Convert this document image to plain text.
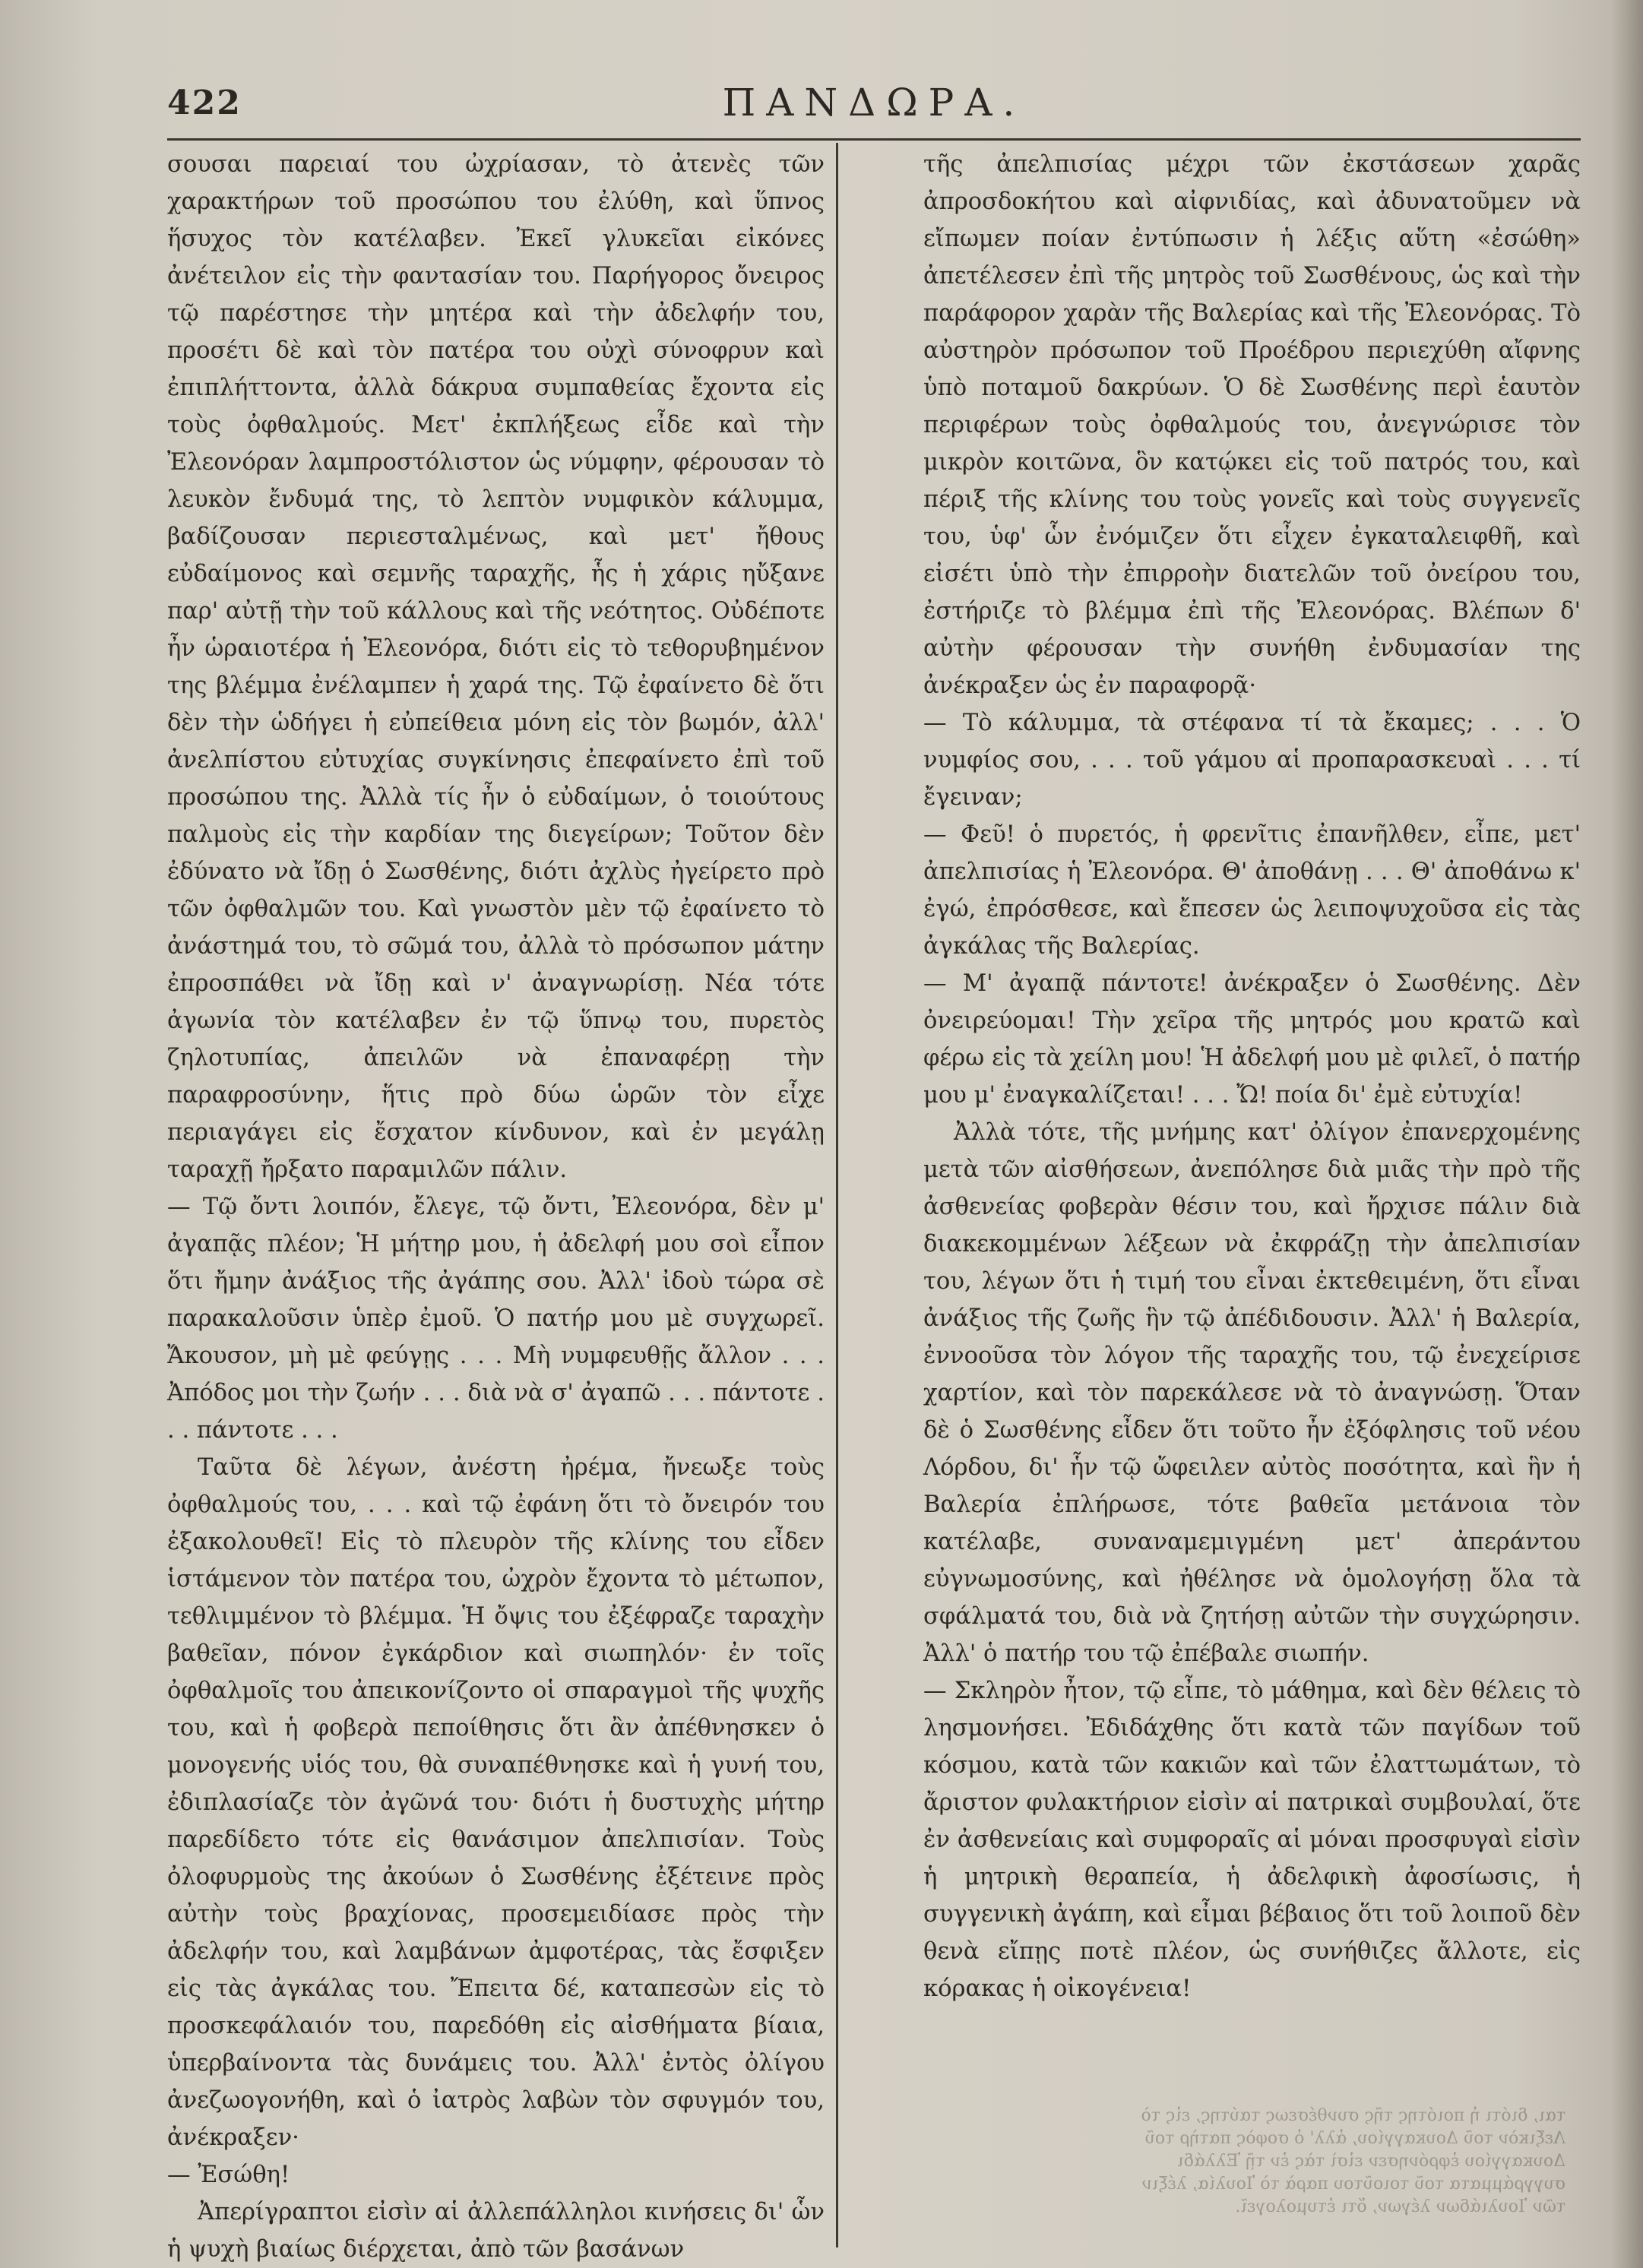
422	ΠΑΝΔΩΡΑ.

σουσαι παρειαί του ὠχρίασαν, τὸ ἀτενὲς τῶν χαρακτήρων τοῦ προσώπου του ἐλύθη, καὶ ὕπνος ἥσυχος τὸν κατέλαβεν. Ἐκεῖ γλυκεῖαι εἰκόνες ἀνέτειλον εἰς τὴν φαντασίαν του. Παρήγορος ὄνειρος τῷ παρέστησε τὴν μητέρα καὶ τὴν ἀδελφήν του, προσέτι δὲ καὶ τὸν πατέρα του οὐχὶ σύνοφρυν καὶ ἐπιπλήττοντα, ἀλλὰ δάκρυα συμπαθείας ἔχοντα εἰς τοὺς ὀφθαλμούς. Μετ' ἐκπλήξεως εἶδε καὶ τὴν Ἐλεονόραν λαμπροστόλιστον ὡς νύμφην, φέρουσαν τὸ λευκὸν ἔνδυμά της, τὸ λεπτὸν νυμφικὸν κάλυμμα, βαδίζουσαν περιεσταλμένως, καὶ μετ' ἤθους εὐδαίμονος καὶ σεμνῆς ταραχῆς, ἧς ἡ χάρις ηὔξανε παρ' αὐτῇ τὴν τοῦ κάλλους καὶ τῆς νεότητος. Οὐδέποτε ἦν ὡραιοτέρα ἡ Ἐλεονόρα, διότι εἰς τὸ τεθορυβημένον της βλέμμα ἐνέλαμπεν ἡ χαρά της. Τῷ ἐφαίνετο δὲ ὅτι δὲν τὴν ὡδήγει ἡ εὐπείθεια μόνη εἰς τὸν βωμόν, ἀλλ' ἀνελπίστου εὐτυχίας συγκίνησις ἐπεφαίνετο ἐπὶ τοῦ προσώπου της. Ἀλλὰ τίς ἦν ὁ εὐδαίμων, ὁ τοιούτους παλμοὺς εἰς τὴν καρδίαν της διεγείρων; Τοῦτον δὲν ἐδύνατο νὰ ἴδῃ ὁ Σωσθένης, διότι ἀχλὺς ἠγείρετο πρὸ τῶν ὀφθαλμῶν του. Καὶ γνωστὸν μὲν τῷ ἐφαίνετο τὸ ἀνάστημά του, τὸ σῶμά του, ἀλλὰ τὸ πρόσωπον μάτην ἐπροσπάθει νὰ ἴδῃ καὶ ν' ἀναγνωρίσῃ. Νέα τότε ἀγωνία τὸν κατέλαβεν ἐν τῷ ὕπνῳ του, πυρετὸς ζηλοτυπίας, ἀπειλῶν νὰ ἐπαναφέρῃ τὴν παραφροσύνην, ἥτις πρὸ δύω ὡρῶν τὸν εἶχε περιαγάγει εἰς ἔσχατον κίνδυνον, καὶ ἐν μεγάλῃ ταραχῇ ἤρξατο παραμιλῶν πάλιν.

— Τῷ ὄντι λοιπόν, ἔλεγε, τῷ ὄντι, Ἐλεονόρα, δὲν μ' ἀγαπᾷς πλέον; Ἡ μήτηρ μου, ἡ ἀδελφή μου σοὶ εἶπον ὅτι ἤμην ἀνάξιος τῆς ἀγάπης σου. Ἀλλ' ἰδοὺ τώρα σὲ παρακαλοῦσιν ὑπὲρ ἐμοῦ. Ὁ πατήρ μου μὲ συγχωρεῖ. Ἄκουσον, μὴ μὲ φεύγῃς . . . Μὴ νυμφευθῇς ἄλλον . . . Ἀπόδος μοι τὴν ζωήν . . . διὰ νὰ σ' ἀγαπῶ . . . πάντοτε . . . πάντοτε . . .

Ταῦτα δὲ λέγων, ἀνέστη ἠρέμα, ἤνεωξε τοὺς ὀφθαλμούς του, . . . καὶ τῷ ἐφάνη ὅτι τὸ ὄνειρόν του ἐξακολουθεῖ! Εἰς τὸ πλευρὸν τῆς κλίνης του εἶδεν ἱστάμενον τὸν πατέρα του, ὠχρὸν ἔχοντα τὸ μέτωπον, τεθλιμμένον τὸ βλέμμα. Ἡ ὄψις του ἐξέφραζε ταραχὴν βαθεῖαν, πόνον ἐγκάρδιον καὶ σιωπηλόν· ἐν τοῖς ὀφθαλμοῖς του ἀπεικονίζοντο οἱ σπαραγμοὶ τῆς ψυχῆς του, καὶ ἡ φοβερὰ πεποίθησις ὅτι ἂν ἀπέθνησκεν ὁ μονογενής υἱός του, θὰ συναπέθνησκε καὶ ἡ γυνή του, ἐδιπλασίαζε τὸν ἀγῶνά του· διότι ἡ δυστυχὴς μήτηρ παρεδίδετο τότε εἰς θανάσιμον ἀπελπισίαν. Τοὺς ὀλοφυρμοὺς της ἀκούων ὁ Σωσθένης ἐξέτεινε πρὸς αὐτὴν τοὺς βραχίονας, προσεμειδίασε πρὸς τὴν ἀδελφήν του, καὶ λαμβάνων ἀμφοτέρας, τὰς ἔσφιξεν εἰς τὰς ἀγκάλας του. Ἔπειτα δέ, καταπεσὼν εἰς τὸ προσκεφάλαιόν του, παρεδόθη εἰς αἰσθήματα βίαια, ὑπερβαίνοντα τὰς δυνάμεις του. Ἀλλ' ἐντὸς ὀλίγου ἀνεζωογονήθη, καὶ ὁ ἰατρὸς λαβὼν τὸν σφυγμόν του, ἀνέκραξεν·

— Ἐσώθη!

Ἀπερίγραπτοι εἰσὶν αἱ ἀλλεπάλληλοι κινήσεις δι' ὧν ἡ ψυχὴ βιαίως διέρχεται, ἀπὸ τῶν βασάνων

τῆς ἀπελπισίας μέχρι τῶν ἐκστάσεων χαρᾶς ἀπροσδοκήτου καὶ αἰφνιδίας, καὶ ἀδυνατοῦμεν νὰ εἴπωμεν ποίαν ἐντύπωσιν ἡ λέξις αὕτη «ἐσώθη» ἀπετέλεσεν ἐπὶ τῆς μητρὸς τοῦ Σωσθένους, ὡς καὶ τὴν παράφορον χαρὰν τῆς Βαλερίας καὶ τῆς Ἐλεονόρας. Τὸ αὐστηρὸν πρόσωπον τοῦ Προέδρου περιεχύθη αἴφνης ὑπὸ ποταμοῦ δακρύων. Ὁ δὲ Σωσθένης περὶ ἑαυτὸν περιφέρων τοὺς ὀφθαλμούς του, ἀνεγνώρισε τὸν μικρὸν κοιτῶνα, ὃν κατῴκει εἰς τοῦ πατρός του, καὶ πέριξ τῆς κλίνης του τοὺς γονεῖς καὶ τοὺς συγγενεῖς του, ὑφ' ὧν ἐνόμιζεν ὅτι εἶχεν ἐγκαταλειφθῆ, καὶ εἰσέτι ὑπὸ τὴν ἐπιρροὴν διατελῶν τοῦ ὀνείρου του, ἐστήριζε τὸ βλέμμα ἐπὶ τῆς Ἐλεονόρας. Βλέπων δ' αὐτὴν φέρουσαν τὴν συνήθη ἐνδυμασίαν της ἀνέκραξεν ὡς ἐν παραφορᾷ·

— Τὸ κάλυμμα, τὰ στέφανα τί τὰ ἔκαμες; . . . Ὁ νυμφίος σου, . . . τοῦ γάμου αἱ προπαρασκευαὶ . . . τί ἔγειναν;

— Φεῦ! ὁ πυρετός, ἡ φρενῖτις ἐπανῆλθεν, εἶπε, μετ' ἀπελπισίας ἡ Ἐλεονόρα. Θ' ἀποθάνῃ . . . Θ' ἀποθάνω κ' ἐγώ, ἐπρόσθεσε, καὶ ἔπεσεν ὡς λειποψυχοῦσα εἰς τὰς ἀγκάλας τῆς Βαλερίας.

— Μ' ἀγαπᾷ πάντοτε! ἀνέκραξεν ὁ Σωσθένης. Δὲν ὀνειρεύομαι! Τὴν χεῖρα τῆς μητρός μου κρατῶ καὶ φέρω εἰς τὰ χείλη μου! Ἡ ἀδελφή μου μὲ φιλεῖ, ὁ πατήρ μου μ' ἐναγκαλίζεται! . . . Ὤ! ποία δι' ἐμὲ εὐτυχία!

Ἀλλὰ τότε, τῆς μνήμης κατ' ὀλίγον ἐπανερχομένης μετὰ τῶν αἰσθήσεων, ἀνεπόλησε διὰ μιᾶς τὴν πρὸ τῆς ἀσθενείας φοβερὰν θέσιν του, καὶ ἤρχισε πάλιν διὰ διακεκομμένων λέξεων νὰ ἐκφράζῃ τὴν ἀπελπισίαν του, λέγων ὅτι ἡ τιμή του εἶναι ἐκτεθειμένη, ὅτι εἶναι ἀνάξιος τῆς ζωῆς ἣν τῷ ἀπέδιδουσιν. Ἀλλ' ἡ Βαλερία, ἐννοοῦσα τὸν λόγον τῆς ταραχῆς του, τῷ ἐνεχείρισε χαρτίον, καὶ τὸν παρεκάλεσε νὰ τὸ ἀναγνώσῃ. Ὅταν δὲ ὁ Σωσθένης εἶδεν ὅτι τοῦτο ἦν ἐξόφλησις τοῦ νέου Λόρδου, δι' ἧν τῷ ὤφειλεν αὐτὸς ποσότητα, καὶ ἣν ἡ Βαλερία ἐπλήρωσε, τότε βαθεῖα μετάνοια τὸν κατέλαβε, συναναμεμιγμένη μετ' ἀπεράντου εὐγνωμοσύνης, καὶ ἠθέλησε νὰ ὁμολογήσῃ ὅλα τὰ σφάλματά του, διὰ νὰ ζητήσῃ αὐτῶν τὴν συγχώρησιν. Ἀλλ' ὁ πατήρ του τῷ ἐπέβαλε σιωπήν.

— Σκληρὸν ἦτον, τῷ εἶπε, τὸ μάθημα, καὶ δὲν θέλεις τὸ λησμονήσει. Ἐδιδάχθης ὅτι κατὰ τῶν παγίδων τοῦ κόσμου, κατὰ τῶν κακιῶν καὶ τῶν ἐλαττωμάτων, τὸ ἄριστον φυλακτήριον εἰσὶν αἱ πατρικαὶ συμβουλαί, ὅτε ἐν ἀσθενείαις καὶ συμφοραῖς αἱ μόναι προσφυγαὶ εἰσὶν ἡ μητρικὴ θεραπεία, ἡ ἀδελφικὴ ἀφοσίωσις, ἡ συγγενικὴ ἀγάπη, καὶ εἶμαι βέβαιος ὅτι τοῦ λοιποῦ δὲν θενὰ εἴπῃς ποτὲ πλέον, ὡς συνήθιζες ἄλλοτε, εἰς κόρακας ἡ οἰκογένεια!

ται, διότι ἡ ποιότης τῆς συνθέσεως ταύτης, εἰς τὸ Λεξικὸν τοῦ Δουκαγγίου, ἀλλ' ὁ σοφὸς πατὴρ τοῦ Δουκαγγίου ἐφρόνησεν εἰσὶ τὰς ἐν τῇ Ἑλλάδι συγγράμματα τοῦ τοιοῦτου παρὰ τὸ Ἰουλία, λέξιν τῶν Ἰουλιάδων λέγων, ὅτι ἐτυμολογεῖ.
